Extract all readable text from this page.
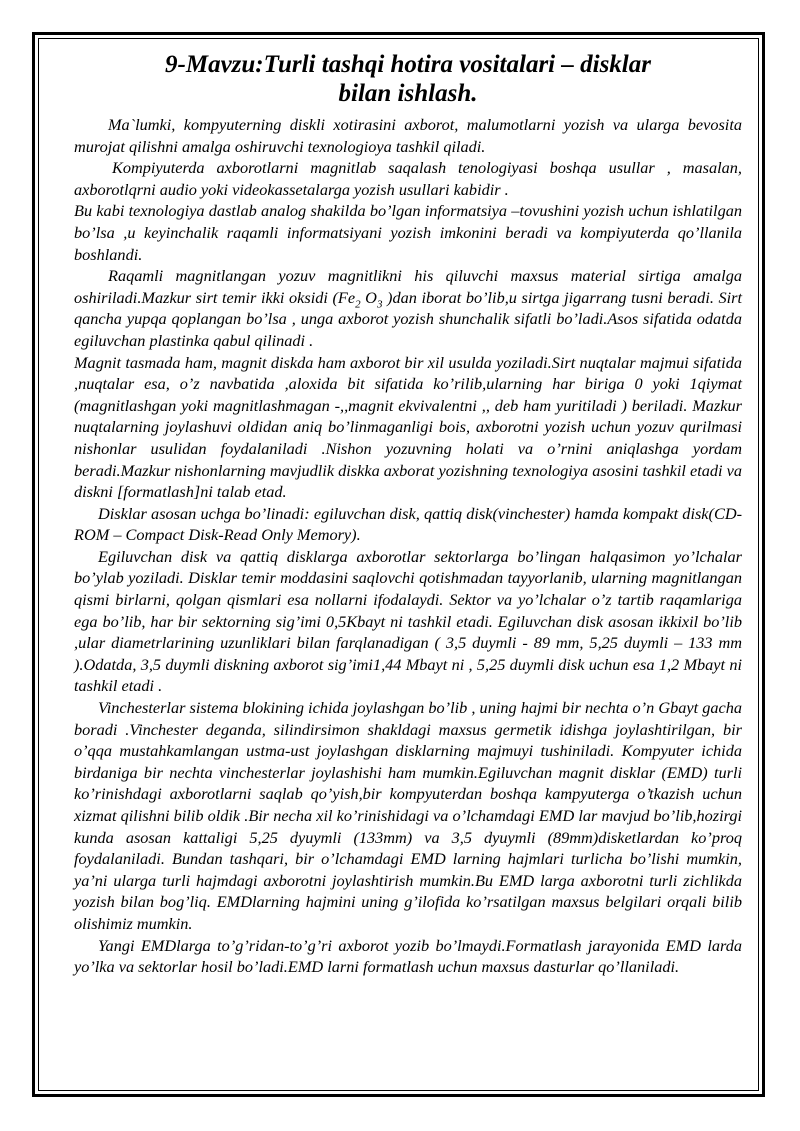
9-Mavzu:Turli tashqi hotira vositalari – disklar
bilan ishlash.

Ma`lumki, kompyuterning diskli xotirasini axborot, malumotlarni yozish va ularga bevosita murojat qilishni amalga oshiruvchi texnologioya tashkil qiladi.

Kompiyuterda axborotlarni magnitlab saqalash tenologiyasi boshqa usullar , masalan, axborotlqrni audio yoki videokassetalarga yozish usullari kabidir .

Bu kabi texnologiya dastlab analog shakilda bo’lgan informatsiya –tovushini yozish uchun ishlatilgan bo’lsa ,u keyinchalik raqamli informatsiyani yozish imkonini beradi va kompiyuterda qo’llanila boshlandi.

Raqamli magnitlangan yozuv magnitlikni his qiluvchi maxsus material sirtiga amalga oshiriladi.Mazkur sirt temir ikki oksidi ($Fe_2$ $O_3$ )dan iborat bo’lib,u sirtga jigarrang tusni beradi. Sirt qancha yupqa qoplangan bo’lsa , unga axborot yozish shunchalik sifatli bo’ladi.Asos sifatida odatda egiluvchan plastinka qabul qilinadi .

Magnit tasmada ham, magnit diskda ham axborot bir xil usulda yoziladi.Sirt nuqtalar majmui sifatida ,nuqtalar esa, o’z navbatida ,aloxida bit sifatida ko’rilib,ularning har biriga 0 yoki 1qiymat (magnitlashgan yoki magnitlashmagan -,,magnit ekvivalentni ,, deb ham yuritiladi ) beriladi. Mazkur nuqtalarning joylashuvi oldidan aniq bo’linmaganligi bois, axborotni yozish uchun yozuv qurilmasi nishonlar usulidan foydalaniladi .Nishon yozuvning holati va o’rnini aniqlashga yordam beradi.Mazkur nishonlarning mavjudlik diskka axborat yozishning texnologiya asosini tashkil etadi va diskni [formatlash]ni talab etad.

Disklar asosan uchga bo’linadi: egiluvchan disk, qattiq disk(vinchester) hamda kompakt disk(CD-ROM – Compact Disk-Read Only Memory).

Egiluvchan disk va qattiq disklarga axborotlar sektorlarga bo’lingan halqasimon yo’lchalar bo’ylab yoziladi. Disklar temir moddasini saqlovchi qotishmadan tayyorlanib, ularning magnitlangan qismi birlarni, qolgan qismlari esa nollarni ifodalaydi. Sektor va yo’lchalar o’z tartib raqamlariga ega bo’lib, har bir sektorning sig’imi 0,5Kbayt ni tashkil etadi. Egiluvchan disk asosan ikkixil bo’lib ,ular diametrlarining uzunliklari bilan farqlanadigan ( 3,5 duymli - 89 mm, 5,25 duymli – 133 mm ).Odatda, 3,5 duymli diskning axborot sig’imi1,44 Mbayt ni , 5,25 duymli disk uchun esa 1,2 Mbayt ni tashkil etadi .

Vinchesterlar sistema blokining ichida joylashgan bo’lib , uning hajmi bir nechta o’n Gbayt gacha boradi .Vinchester deganda, silindirsimon shakldagi maxsus germetik idishga joylashtirilgan, bir o’qqa mustahkamlangan ustma-ust joylashgan disklarning majmuyi tushiniladi. Kompyuter ichida birdaniga bir nechta vinchesterlar joylashishi ham mumkin.Egiluvchan magnit disklar (EMD) turli ko’rinishdagi axborotlarni saqlab qo’yish,bir kompyuterdan boshqa kampyuterga o’tkazish uchun xizmat qilishni bilib oldik .Bir necha xil ko’rinishidagi va o’lchamdagi EMD lar mavjud bo’lib,hozirgi kunda asosan kattaligi 5,25 dyuymli (133mm) va 3,5 dyuymli (89mm)disketlardan ko’proq foydalaniladi. Bundan tashqari, bir o’lchamdagi EMD larning hajmlari turlicha bo’lishi mumkin, ya’ni ularga turli hajmdagi axborotni joylashtirish mumkin.Bu EMD larga axborotni turli zichlikda yozish bilan bog’liq. EMDlarning hajmini uning g’ilofida ko’rsatilgan maxsus belgilari orqali bilib olishimiz mumkin.

Yangi EMDlarga to’g’ridan-to’g’ri axborot yozib bo’lmaydi.Formatlash jarayonida EMD larda yo’lka va sektorlar hosil bo’ladi.EMD larni formatlash uchun maxsus dasturlar qo’llaniladi.
